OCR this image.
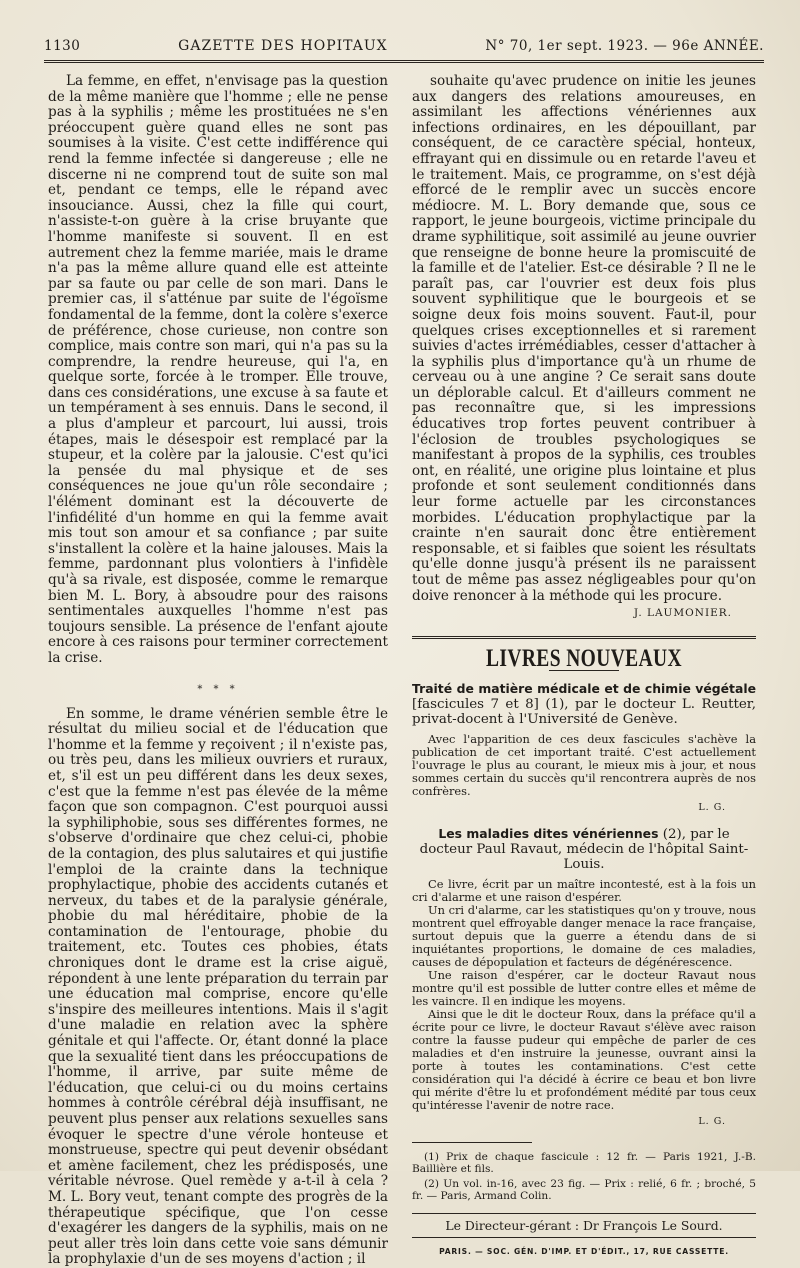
1130	GAZETTE DES HOPITAUX	N° 70, 1er sept. 1923. — 96e ANNÉE.

La femme, en effet, n'envisage pas la question de la même manière que l'homme ; elle ne pense pas à la syphilis ; même les prostituées ne s'en préoccupent guère quand elles ne sont pas soumises à la visite. C'est cette indifférence qui rend la femme infectée si dangereuse ; elle ne discerne ni ne comprend tout de suite son mal et, pendant ce temps, elle le répand avec insouciance. Aussi, chez la fille qui court, n'assiste-t-on guère à la crise bruyante que l'homme manifeste si souvent. Il en est autrement chez la femme mariée, mais le drame n'a pas la même allure quand elle est atteinte par sa faute ou par celle de son mari. Dans le premier cas, il s'atténue par suite de l'égoïsme fondamental de la femme, dont la colère s'exerce de préférence, chose curieuse, non contre son complice, mais contre son mari, qui n'a pas su la comprendre, la rendre heureuse, qui l'a, en quelque sorte, forcée à le tromper. Elle trouve, dans ces considérations, une excuse à sa faute et un tempérament à ses ennuis. Dans le second, il a plus d'ampleur et parcourt, lui aussi, trois étapes, mais le désespoir est remplacé par la stupeur, et la colère par la jalousie. C'est qu'ici la pensée du mal physique et de ses conséquences ne joue qu'un rôle secondaire ; l'élément dominant est la découverte de l'infidélité d'un homme en qui la femme avait mis tout son amour et sa confiance ; par suite s'installent la colère et la haine jalouses. Mais la femme, pardonnant plus volontiers à l'infidèle qu'à sa rivale, est disposée, comme le remarque bien M. L. Bory, à absoudre pour des raisons sentimentales auxquelles l'homme n'est pas toujours sensible. La présence de l'enfant ajoute encore à ces raisons pour terminer correctement la crise.

* * *

En somme, le drame vénérien semble être le résultat du milieu social et de l'éducation que l'homme et la femme y reçoivent ; il n'existe pas, ou très peu, dans les milieux ouvriers et ruraux, et, s'il est un peu différent dans les deux sexes, c'est que la femme n'est pas élevée de la même façon que son compagnon. C'est pourquoi aussi la syphiliphobie, sous ses différentes formes, ne s'observe d'ordinaire que chez celui-ci, phobie de la contagion, des plus salutaires et qui justifie l'emploi de la crainte dans la technique prophylactique, phobie des accidents cutanés et nerveux, du tabes et de la paralysie générale, phobie du mal héréditaire, phobie de la contamination de l'entourage, phobie du traitement, etc. Toutes ces phobies, états chroniques dont le drame est la crise aiguë, répondent à une lente préparation du terrain par une éducation mal comprise, encore qu'elle s'inspire des meilleures intentions. Mais il s'agit d'une maladie en relation avec la sphère génitale et qui l'affecte. Or, étant donné la place que la sexualité tient dans les préoccupations de l'homme, il arrive, par suite même de l'éducation, que celui-ci ou du moins certains hommes à contrôle cérébral déjà insuffisant, ne peuvent plus penser aux relations sexuelles sans évoquer le spectre d'une vérole honteuse et monstrueuse, spectre qui peut devenir obsédant et amène facilement, chez les prédisposés, une véritable névrose. Quel remède y a-t-il à cela ? M. L. Bory veut, tenant compte des progrès de la thérapeutique spécifique, que l'on cesse d'exagérer les dangers de la syphilis, mais on ne peut aller très loin dans cette voie sans démunir la prophylaxie d'un de ses moyens d'action ; il

souhaite qu'avec prudence on initie les jeunes aux dangers des relations amoureuses, en assimilant les affections vénériennes aux infections ordinaires, en les dépouillant, par conséquent, de ce caractère spécial, honteux, effrayant qui en dissimule ou en retarde l'aveu et le traitement. Mais, ce programme, on s'est déjà efforcé de le remplir avec un succès encore médiocre. M. L. Bory demande que, sous ce rapport, le jeune bourgeois, victime principale du drame syphilitique, soit assimilé au jeune ouvrier que renseigne de bonne heure la promiscuité de la famille et de l'atelier. Est-ce désirable ? Il ne le paraît pas, car l'ouvrier est deux fois plus souvent syphilitique que le bourgeois et se soigne deux fois moins souvent. Faut-il, pour quelques crises exceptionnelles et si rarement suivies d'actes irrémédiables, cesser d'attacher à la syphilis plus d'importance qu'à un rhume de cerveau ou à une angine ? Ce serait sans doute un déplorable calcul. Et d'ailleurs comment ne pas reconnaître que, si les impressions éducatives trop fortes peuvent contribuer à l'éclosion de troubles psychologiques se manifestant à propos de la syphilis, ces troubles ont, en réalité, une origine plus lointaine et plus profonde et sont seulement conditionnés dans leur forme actuelle par les circonstances morbides. L'éducation prophylactique par la crainte n'en saurait donc être entièrement responsable, et si faibles que soient les résultats qu'elle donne jusqu'à présent ils ne paraissent tout de même pas assez négligeables pour qu'on doive renoncer à la méthode qui les procure.

J. LAUMONIER.
LIVRES NOUVEAUX
Traité de matière médicale et de chimie végétale [fascicules 7 et 8] (1), par le docteur L. Reutter, privat-docent à l'Université de Genève.

Avec l'apparition de ces deux fascicules s'achève la publication de cet important traité. C'est actuellement l'ouvrage le plus au courant, le mieux mis à jour, et nous sommes certain du succès qu'il rencontrera auprès de nos confrères.

L. G.
Les maladies dites vénériennes (2), par le docteur Paul Ravaut, médecin de l'hôpital Saint-Louis.

Ce livre, écrit par un maître incontesté, est à la fois un cri d'alarme et une raison d'espérer.

Un cri d'alarme, car les statistiques qu'on y trouve, nous montrent quel effroyable danger menace la race française, surtout depuis que la guerre a étendu dans de si inquiétantes proportions, le domaine de ces maladies, causes de dépopulation et facteurs de dégénérescence.

Une raison d'espérer, car le docteur Ravaut nous montre qu'il est possible de lutter contre elles et même de les vaincre. Il en indique les moyens.

Ainsi que le dit le docteur Roux, dans la préface qu'il a écrite pour ce livre, le docteur Ravaut s'élève avec raison contre la fausse pudeur qui empêche de parler de ces maladies et d'en instruire la jeunesse, ouvrant ainsi la porte à toutes les contaminations. C'est cette considération qui l'a décidé à écrire ce beau et bon livre qui mérite d'être lu et profondément médité par tous ceux qu'intéresse l'avenir de notre race.

L. G.

(1) Prix de chaque fascicule : 12 fr. — Paris 1921, J.-B. Baillière et fils.

(2) Un vol. in-16, avec 23 fig. — Prix : relié, 6 fr. ; broché, 5 fr. — Paris, Armand Colin.

Le Directeur-gérant : Dr François Le Sourd.
PARIS. — SOC. GÉN. D'IMP. ET D'ÉDIT., 17, RUE CASSETTE.
